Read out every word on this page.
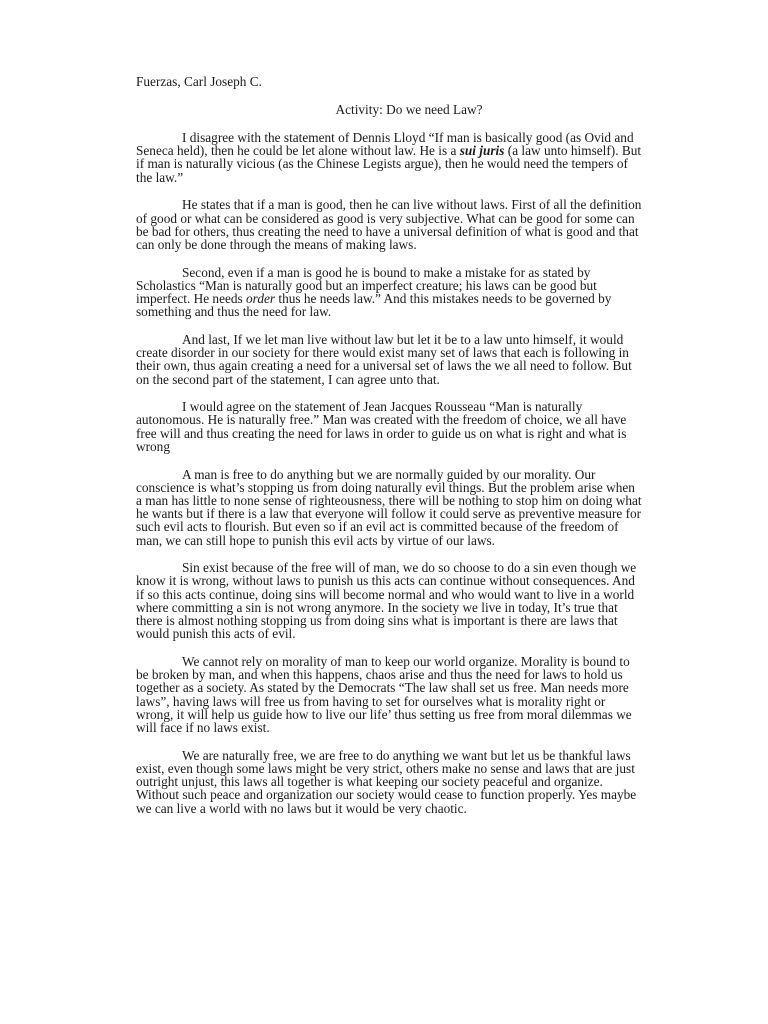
Fuerzas, Carl Joseph C.

Activity: Do we need Law?

I disagree with the statement of Dennis Lloyd “If man is basically good (as Ovid and Seneca held), then he could be let alone without law. He is a sui juris (a law unto himself). But if man is naturally vicious (as the Chinese Legists argue), then he would need the tempers of the law.”

He states that if a man is good, then he can live without laws. First of all the definition of good or what can be considered as good is very subjective. What can be good for some can be bad for others, thus creating the need to have a universal definition of what is good and that can only be done through the means of making laws.

Second, even if a man is good he is bound to make a mistake for as stated by Scholastics “Man is naturally good but an imperfect creature; his laws can be good but imperfect. He needs order thus he needs law.” And this mistakes needs to be governed by something and thus the need for law.

And last, If we let man live without law but let it be to a law unto himself, it would create disorder in our society for there would exist many set of laws that each is following in their own, thus again creating a need for a universal set of laws the we all need to follow. But on the second part of the statement, I can agree unto that.

I would agree on the statement of Jean Jacques Rousseau “Man is naturally autonomous. He is naturally free.” Man was created with the freedom of choice, we all have free will and thus creating the need for laws in order to guide us on what is right and what is wrong

A man is free to do anything but we are normally guided by our morality. Our conscience is what’s stopping us from doing naturally evil things. But the problem arise when a man has little to none sense of righteousness, there will be nothing to stop him on doing what he wants but if there is a law that everyone will follow it could serve as preventive measure for such evil acts to flourish. But even so if an evil act is committed because of the freedom of man, we can still hope to punish this evil acts by virtue of our laws.

Sin exist because of the free will of man, we do so choose to do a sin even though we know it is wrong, without laws to punish us this acts can continue without consequences. And if so this acts continue, doing sins will become normal and who would want to live in a world where committing a sin is not wrong anymore. In the society we live in today, It’s true that there is almost nothing stopping us from doing sins what is important is there are laws that would punish this acts of evil.

We cannot rely on morality of man to keep our world organize. Morality is bound to be broken by man, and when this happens, chaos arise and thus the need for laws to hold us together as a society. As stated by the Democrats “The law shall set us free. Man needs more laws”, having laws will free us from having to set for ourselves what is morality right or wrong, it will help us guide how to live our life’ thus setting us free from moral dilemmas we will face if no laws exist.

We are naturally free, we are free to do anything we want but let us be thankful laws exist, even though some laws might be very strict, others make no sense and laws that are just outright unjust, this laws all together is what keeping our society peaceful and organize. Without such peace and organization our society would cease to function properly. Yes maybe we can live a world with no laws but it would be very chaotic.
